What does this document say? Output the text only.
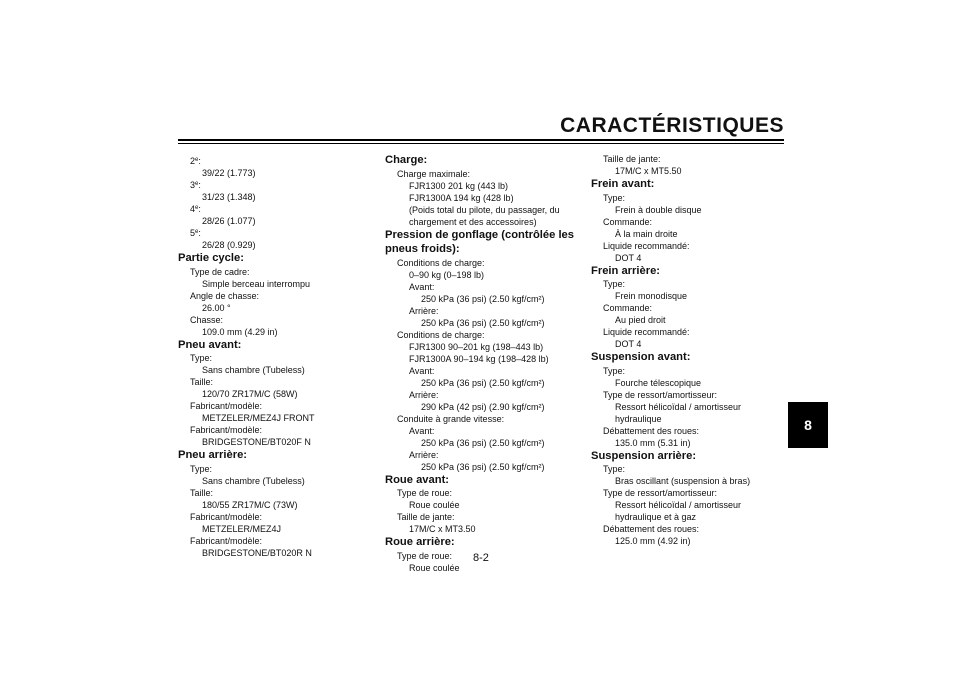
CARACTÉRISTIQUES
2e:
39/22 (1.773)
3e:
31/23 (1.348)
4e:
28/26 (1.077)
5e:
26/28 (0.929)
Partie cycle:
Type de cadre:
Simple berceau interrompu
Angle de chasse:
26.00 °
Chasse:
109.0 mm (4.29 in)
Pneu avant:
Type:
Sans chambre (Tubeless)
Taille:
120/70 ZR17M/C (58W)
Fabricant/modèle:
METZELER/MEZ4J FRONT
Fabricant/modèle:
BRIDGESTONE/BT020F N
Pneu arrière:
Type:
Sans chambre (Tubeless)
Taille:
180/55 ZR17M/C (73W)
Fabricant/modèle:
METZELER/MEZ4J
Fabricant/modèle:
BRIDGESTONE/BT020R N
Charge:
Charge maximale:
FJR1300 201 kg (443 lb)
FJR1300A 194 kg (428 lb)
(Poids total du pilote, du passager, du
chargement et des accessoires)
Pression de gonflage (contrôlée les
pneus froids):
Conditions de charge:
0–90 kg (0–198 lb)
Avant:
250 kPa (36 psi) (2.50 kgf/cm²)
Arrière:
250 kPa (36 psi) (2.50 kgf/cm²)
Conditions de charge:
FJR1300 90–201 kg (198–443 lb)
FJR1300A 90–194 kg (198–428 lb)
Avant:
250 kPa (36 psi) (2.50 kgf/cm²)
Arrière:
290 kPa (42 psi) (2.90 kgf/cm²)
Conduite à grande vitesse:
Avant:
250 kPa (36 psi) (2.50 kgf/cm²)
Arrière:
250 kPa (36 psi) (2.50 kgf/cm²)
Roue avant:
Type de roue:
Roue coulée
Taille de jante:
17M/C x MT3.50
Roue arrière:
Type de roue:
Roue coulée
Taille de jante:
17M/C x MT5.50
Frein avant:
Type:
Frein à double disque
Commande:
À la main droite
Liquide recommandé:
DOT 4
Frein arrière:
Type:
Frein monodisque
Commande:
Au pied droit
Liquide recommandé:
DOT 4
Suspension avant:
Type:
Fourche télescopique
Type de ressort/amortisseur:
Ressort hélicoïdal / amortisseur
hydraulique
Débattement des roues:
135.0 mm (5.31 in)
Suspension arrière:
Type:
Bras oscillant (suspension à bras)
Type de ressort/amortisseur:
Ressort hélicoïdal / amortisseur
hydraulique et à gaz
Débattement des roues:
125.0 mm (4.92 in)
8
8-2
